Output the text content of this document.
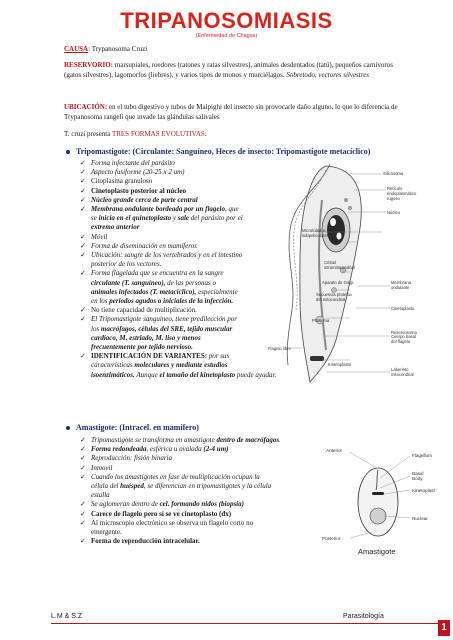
TRIPANOSOMIASIS
(Enfermedad de Chagas)
CAUSA: Trypanosoma Cruzi
RESERVORIO: marsupiales, roedores (ratones y ratas silvestres), animales desdentados (tatú), pequeños carnívoros (gatos silvestres), lagomorfos (liebres), y varios tipos de monos y murciélagos. Sobretodo, vectores silvestres
UBICACIÓN: en el tubo digestivo y tubos de Malpighi del insecto sin provocarle daño alguno, lo que lo diferencia de Trypanosoma rangeli que invade las glándulas salivales
T. cruzi presenta TRES FORMAS EVOLUTIVAS:
Tripomastigote: (Circulante: Sanguíneo, Heces de insecto: Tripomastigote metacíclico)
✓ Forma infectante del parásito
✓ Aspecto fusiforme (20-25 x 2 um)
✓ Citoplasma granuloso
✓ Cinetoplasto posterior al núcleo
✓ Núcleo grande cerca de parte central
✓ Membrana ondulante bordeada por un flagelo, que
se inicia en el quinetoplasto y sale del parásito por el
extremo anterior
✓ Móvil
✓ Forma de diseminación en mamíferos
✓ Ubicación: sangre de los vertebrados y en el intestino
posterior de los vectores.
✓ Forma flagelada que se encuentra en la sangre
circulante (T. sanguíneo), de las personas o
animales infectados (T. metacíclico), especialmente
en los periodos agudos o iniciales de la infección.
✓ No tiene capacidad de multiplicación.
✓ El Tripomastigote sanguíneo, tiene predilección por
los macrófagos, células del SRE, tejido muscular
cardíaco, M. estriado, M. liso y menos
frecuentemente por tejido nervioso.
✓ IDENTIFICACIÓN DE VARIANTES: por sus
características moleculares y mediante estudios
isoenzimáticos. Aunque el tamaño del kinetoplasto puede ayudar.
Silicosoma
Retículo
endoplasmático
rugoso
Núcleo
Microtúbulos
subpeliculares
Cristal
intramitocondrial
Aparato de Golgi
Secuencia proteica
del mitocondrial
Membrana
ondulante
Cinetoplasto
Pliosoma
Reservosoma
Cuerpo basal
del flagelo
Flagelo libre
Kinetoplasto
Laberinto
mitocondrial
Amastigote: (Intracel. en mamífero)
✓ Tripomastigote se transforma en amastigote dentro de macrófagos.
✓ Forma redondeada, esférica u ovalada (2-4 um)
✓ Reproducción: fisión binaria
✓ Inmovil
✓ Cuando los amastigotes en fase de multiplicación ocupan la
célula del huésped, se diferencian en tripomastigotes y la célula
estalla
✓ Se aglomeran dentro de cel. formando nidos (biopsia)
✓ Carece de flagelo pero sí se ve cinetoplasto (dx)
✓ Al microscopio electrónico se observa un flagelo corto no
emergente.
✓ Forma de reproducción intracelular.
Anterior
Flagellum
Basal
Body
Kinetoplast
Nuclear
Posterior
Amastigote
L.M & S.Z	Parasitología
1
